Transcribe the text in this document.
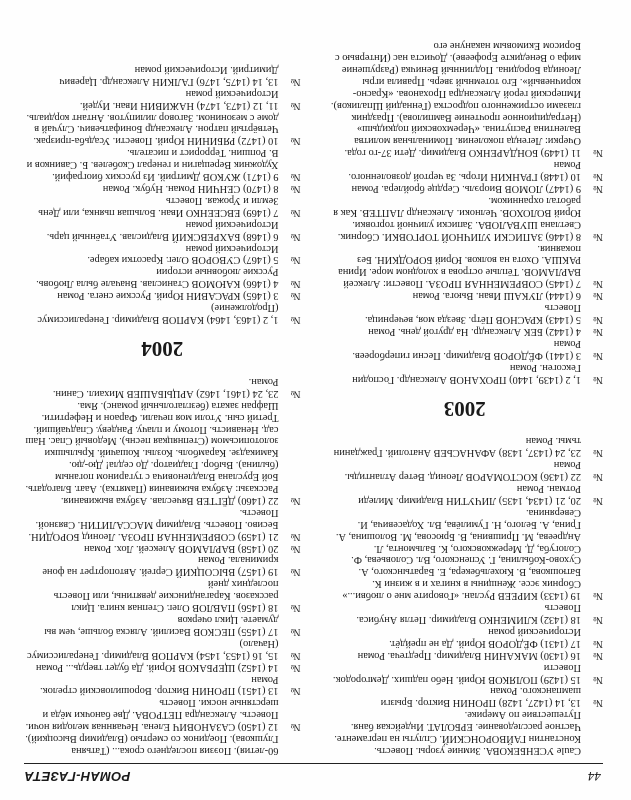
44
РОМАН-ГАЗЕТА

Саule УСЕНБЕКОВА. Зимние узоры. Повесть. Константин ГАЙВОРОНСКИЙ. Сплуты на пергаменте. Частное расследование. ЕРБОЛАТ. Индейская баня. Путешествие по Америке.

№
13, 14 (1427, 1428) ПРОНИН Виктор. Брызги шампанского. Роман

№
15 (1429) ПОЛЯКОВ Юрий. Небо падших. Демгородок. Повести

№
16 (1430) МАКАНИН Владимир. Предтеча. Роман

№
17 (1431) ФЁДОРОВ Юрий. Да не прейдёт. Исторический роман

№
18 (1432) КЛИМЕНКО Владимир. Петля Анубиса. Повесть

№
19 (1433) КИРЕЕВ Руслан. «Говорите мне о любви...» Сборник эссе. Женщины в книгах и в жизни К. Батюшкова, В. Кюхельбекера, Е. Баратынского, А. Сухово-Кобылина, Г. Успенского, Вл. Соловьева, Ф. Сологуба, Д. Мережковского, К. Бальмонта, Л. Андреева, М. Пришвина, В. Брюсова, М. Волошина, А. Грина, А. Белого, Н. Гумилёва, Вл. Ходасевича, И. Северянина.

№
20, 21 (1434, 1435) ЛИЧУТИН Владимир. Миледи Ротман. Роман

№
22 (1436) КОСТОМАРОВ Леонид. Ветер Атлантиды. Роман

№
23, 24 (1437, 1438) АФАНАСЬЕВ Анатолий. Гражданин тьмы. Роман

2003

№
1, 2 (1439, 1440) ПРОХАНОВ Александр. Господин Гексоген. Роман

№
3 (1441) ФЁДОРОВ Владимир. Песни гипербореев. Роман

№
4 (1442) БЕК Александр. На другой день. Роман

№
5 (1443) КРАСНОВ Пётр. Звезда моя, вечерница. Повесть

№
6 (1444) ЛУКАШ Иван. Вьюга. Роман

№
7 (1445) СОВРЕМЕННАЯ ПРОЗА. Повести: Алексей ВАРЛАМОВ. Тёплые острова в холодном море. Ирина РАКША. Охота на волков. Юрий БОРОДКИН. Без покаяния.

№
8 (1446) ЗАПИСКИ УЛИЧНОЙ ТОРГОВКИ. Сборник. Светлана ШУВАЛОВА. Записки уличной торговки. Юрий ВОЛОХОВ. Челноки. Александр ЛАПТЕВ. Как я работал охранником.

№
9 (1447) ЛОМОВ Виорэль. Сердце бройлера. Роман

№
10 (1448) ГРАНКИН Игорь. За чертой дозволенного. Роман

№
11 (1449) БОНДАРЕНКО Владимир. Дети 37-го года. Очерки: Легенда поколения. Поминальная молитва Валентина Распутина. «Черемховский подкидыш» (Нетрадиционное прочтение Вампилова). Праздник глазами остриженного подростка (Геннадий Шпаликов). Имперский герой Александра Проханова. «Красно-коричневый». Его тотемный зверь. Правила игры Леонида Бородина. Подлинный Веничка (Разрушение мифа о Венедикте Ерофееве). Дочиста нас (Интервью с Борисом Екимовым накануне его

60-летия). Поэзия последнего срока... (Татьяна Глушкова). Поединок со смертью (Владимир Высоцкий).

№
12 (1450) САЗАНОВИЧ Елена. Нечаянная мелодия ночи. Повесть. Александра ПЕТРОВА. Две баночки мёда и шерстяные носки. Повесть

№
13 (1451) ПРОНИН Виктор. Ворошиловский стрелок. Роман

№
14 (1452) ЩЕРБАКОВ Юрий. Да будет твердь... Роман

№
15, 16 (1453, 1454) КАРПОВ Владимир. Генералиссимус (Начало)

№
17 (1455) ПЕСКОВ Василий. Аляска больше, чем вы думаете. Цикл очерков

№
18 (1456) ПАВЛОВ Олег. Степная книга. Цикл рассказов. Карагандинские девятины, или Повесть последних дней

№
19 (1457) ВЫСОЦКИЙ Сергей. Автопортрет на фоне криминала. Роман

№
20 (1458) ВАРЛАМОВ Алексей. Лох. Роман

№
21 (1459) СОВРЕМЕННАЯ ПРОЗА. Леонид БОРОДИН. Бесиво. Повесть. Владимир МАССАЛИТИН. Связной. Повесть.

№
22 (1460) ДЁГТЕВ Вячеслав. Азбука выживания. Рассказы: Азбука выживания (Памятка). Ааат. Благодать. Бой Еруслана Владленовича с тугарином поганым (былина). Выбор. Гладиатор. До седла! Дю-дю. Камикадзе. Карамболь. Козлы. Кошачий. Крылышки золотописьмом (Степняцкая песнь). Медовый Спас. Наш сад. Ненависть. Потому и плачу. Рандеву. Спадчайший. Третий сын. Утоли моя печали. Фараон и Нефертити. Шафран заката (безглагольный романс). Яма.

№
23, 24 (1461, 1462) АРЦЫБАШЕВ Михаил. Санин. Роман.

2004

№
1, 2 (1463, 1464) КАРПОВ Владимир. Генералиссимус (Продолжение)

№
3 (1465) КРАСАВИН Юрий. Русские снега. Роман

№
4 (1466) КАЮМОВ Станислав. Вначале была Любовь. Русские любовные истории

№
5 (1467) СУВОРОВ Олег. Красотки кабаре. Исторический роман

№
6 (1468) БАХРЕВСКИЙ Владислав. Утаённый царь. Исторический роман

№
7 (1469) ЕВСЕЕНКО Иван. Большая пьянка, или День Земли и Урожая. Повесть

№
8 (1470) СЕНЧИН Роман. Нубук. Роман

№
9 (1471) ЖУКОВ Дмитрий. Из русских биографий. Художник Верещагин и генерал Скобелев. Б. Савинков и В. Ропшин. Террорист и писатель.

№
10 (1472) РЯБИНИН Юрий. Повести. Усадьба-призрак. Четвёртый патрон. Александр Бонифатьевич. Случай в доме с мезонином. Заговор лилипутов. Антант кордиаль.

№
11, 12 (1473, 1474) НАЖИВИН Иван. Иудей. Исторический роман

№
13, 14 (1475, 1476) ГАЛКИН Александр. Царевич Димитрий. Исторический роман
